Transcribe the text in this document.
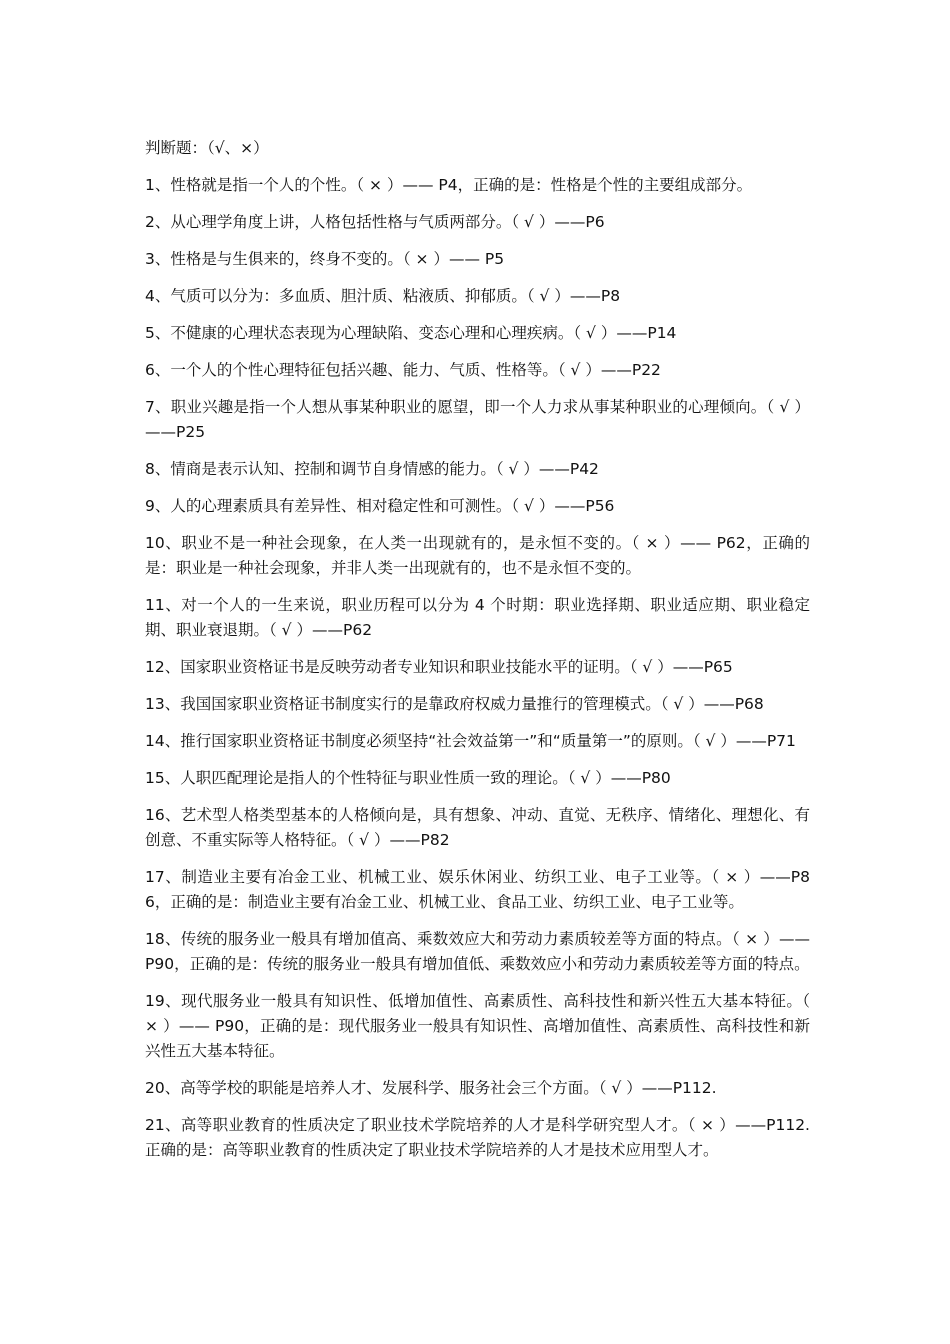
判断题：（√、×）
1、性格就是指一个人的个性。（ × ）—— P4，正确的是：性格是个性的主要组成部分。
2、从心理学角度上讲，人格包括性格与气质两部分。（ √ ）——P6
3、性格是与生俱来的，终身不变的。（ × ）—— P5
4、气质可以分为：多血质、胆汁质、粘液质、抑郁质。（ √ ）——P8
5、不健康的心理状态表现为心理缺陷、变态心理和心理疾病。（ √ ）——P14
6、一个人的个性心理特征包括兴趣、能力、气质、性格等。（ √ ）——P22
7、职业兴趣是指一个人想从事某种职业的愿望，即一个人力求从事某种职业的心理倾向。（ √ ）——P25
8、情商是表示认知、控制和调节自身情感的能力。（ √ ）——P42
9、人的心理素质具有差异性、相对稳定性和可测性。（ √ ）——P56
10、职业不是一种社会现象，在人类一出现就有的，是永恒不变的。（ × ）—— P62，正确的是：职业是一种社会现象，并非人类一出现就有的，也不是永恒不变的。
11、对一个人的一生来说，职业历程可以分为 4 个时期：职业选择期、职业适应期、职业稳定期、职业衰退期。（ √ ）——P62
12、国家职业资格证书是反映劳动者专业知识和职业技能水平的证明。（ √ ）——P65
13、我国国家职业资格证书制度实行的是靠政府权威力量推行的管理模式。（ √ ）——P68
14、推行国家职业资格证书制度必须坚持“社会效益第一”和“质量第一”的原则。（ √ ）——P71
15、人职匹配理论是指人的个性特征与职业性质一致的理论。（ √ ）——P80
16、艺术型人格类型基本的人格倾向是，具有想象、冲动、直觉、无秩序、情绪化、理想化、有创意、不重实际等人格特征。（ √ ）——P82
17、制造业主要有冶金工业、机械工业、娱乐休闲业、纺织工业、电子工业等。（ × ）——P86，正确的是：制造业主要有冶金工业、机械工业、食品工业、纺织工业、电子工业等。
18、传统的服务业一般具有增加值高、乘数效应大和劳动力素质较差等方面的特点。（ × ）—— P90，正确的是：传统的服务业一般具有增加值低、乘数效应小和劳动力素质较差等方面的特点。
19、现代服务业一般具有知识性、低增加值性、高素质性、高科技性和新兴性五大基本特征。（ × ）—— P90，正确的是：现代服务业一般具有知识性、高增加值性、高素质性、高科技性和新兴性五大基本特征。
20、高等学校的职能是培养人才、发展科学、服务社会三个方面。（ √ ）——P112.
21、高等职业教育的性质决定了职业技术学院培养的人才是科学研究型人才。（ × ）——P112. 正确的是：高等职业教育的性质决定了职业技术学院培养的人才是技术应用型人才。
